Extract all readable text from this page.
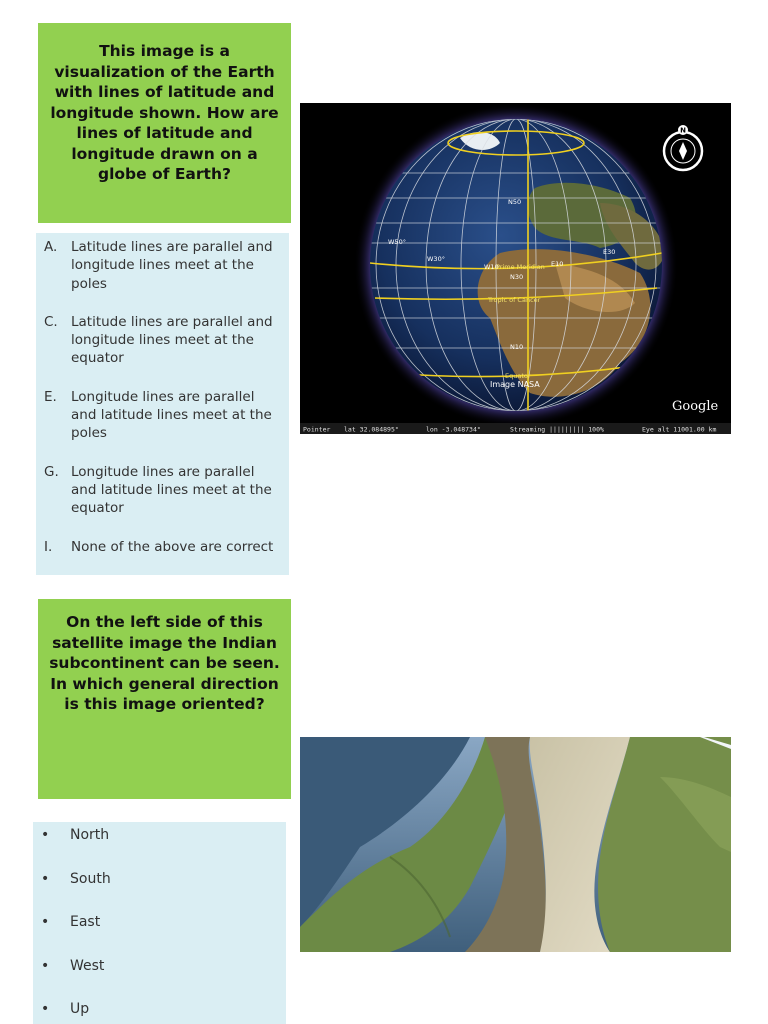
This image is a visualization of the Earth with lines of latitude and longitude shown. How are lines of latitude and longitude drawn on a globe of Earth?
A.	Latitude lines are parallel and longitude lines meet at the poles
C. Latitude lines are parallel and longitude lines meet at the equator
E.	Longitude lines are parallel and latitude lines meet at the poles
G. Longitude lines are parallel and latitude lines meet at the equator
I.	None of the above are correct
N50
W50°
W30°
W10
Prime Meridian E10
E30
N30
Tropic of Cancer
N10
Equator
Image NASA
N
Google
Pointer lat 32.084895°	lon -3.048734°	Streaming ||||||||| 100%	Eye alt 11001.00 km
On the left side of this satellite image the Indian subcontinent can be seen. In which general direction is this image oriented?
•	North
•	South
•	East
•	West
•	Up
